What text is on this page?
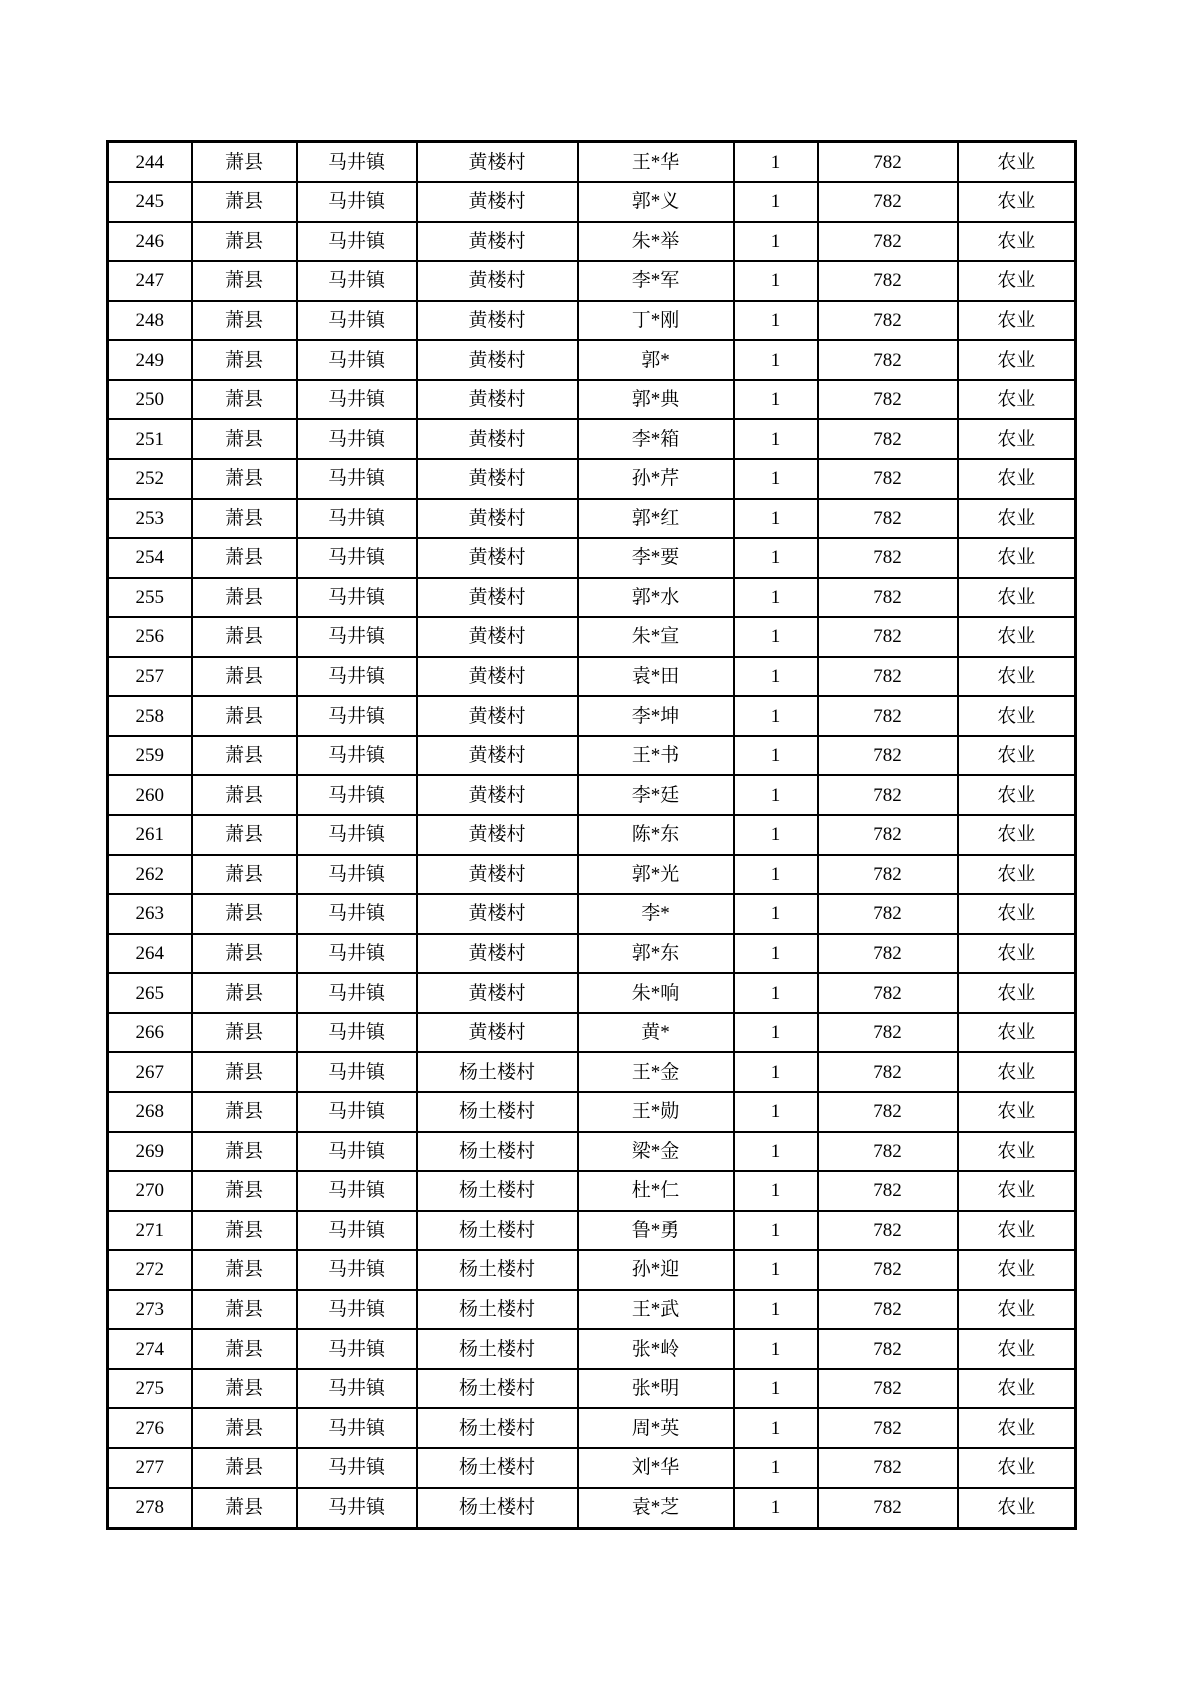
244	萧县	马井镇	黄楼村	王*华	1	782	农业
245	萧县	马井镇	黄楼村	郭*义	1	782	农业
246	萧县	马井镇	黄楼村	朱*举	1	782	农业
247	萧县	马井镇	黄楼村	李*军	1	782	农业
248	萧县	马井镇	黄楼村	丁*刚	1	782	农业
249	萧县	马井镇	黄楼村	郭*	1	782	农业
250	萧县	马井镇	黄楼村	郭*典	1	782	农业
251	萧县	马井镇	黄楼村	李*箱	1	782	农业
252	萧县	马井镇	黄楼村	孙*芹	1	782	农业
253	萧县	马井镇	黄楼村	郭*红	1	782	农业
254	萧县	马井镇	黄楼村	李*要	1	782	农业
255	萧县	马井镇	黄楼村	郭*水	1	782	农业
256	萧县	马井镇	黄楼村	朱*宣	1	782	农业
257	萧县	马井镇	黄楼村	袁*田	1	782	农业
258	萧县	马井镇	黄楼村	李*坤	1	782	农业
259	萧县	马井镇	黄楼村	王*书	1	782	农业
260	萧县	马井镇	黄楼村	李*廷	1	782	农业
261	萧县	马井镇	黄楼村	陈*东	1	782	农业
262	萧县	马井镇	黄楼村	郭*光	1	782	农业
263	萧县	马井镇	黄楼村	李*	1	782	农业
264	萧县	马井镇	黄楼村	郭*东	1	782	农业
265	萧县	马井镇	黄楼村	朱*响	1	782	农业
266	萧县	马井镇	黄楼村	黄*	1	782	农业
267	萧县	马井镇	杨土楼村	王*金	1	782	农业
268	萧县	马井镇	杨土楼村	王*勋	1	782	农业
269	萧县	马井镇	杨土楼村	梁*金	1	782	农业
270	萧县	马井镇	杨土楼村	杜*仁	1	782	农业
271	萧县	马井镇	杨土楼村	鲁*勇	1	782	农业
272	萧县	马井镇	杨土楼村	孙*迎	1	782	农业
273	萧县	马井镇	杨土楼村	王*武	1	782	农业
274	萧县	马井镇	杨土楼村	张*岭	1	782	农业
275	萧县	马井镇	杨土楼村	张*明	1	782	农业
276	萧县	马井镇	杨土楼村	周*英	1	782	农业
277	萧县	马井镇	杨土楼村	刘*华	1	782	农业
278	萧县	马井镇	杨土楼村	袁*芝	1	782	农业
